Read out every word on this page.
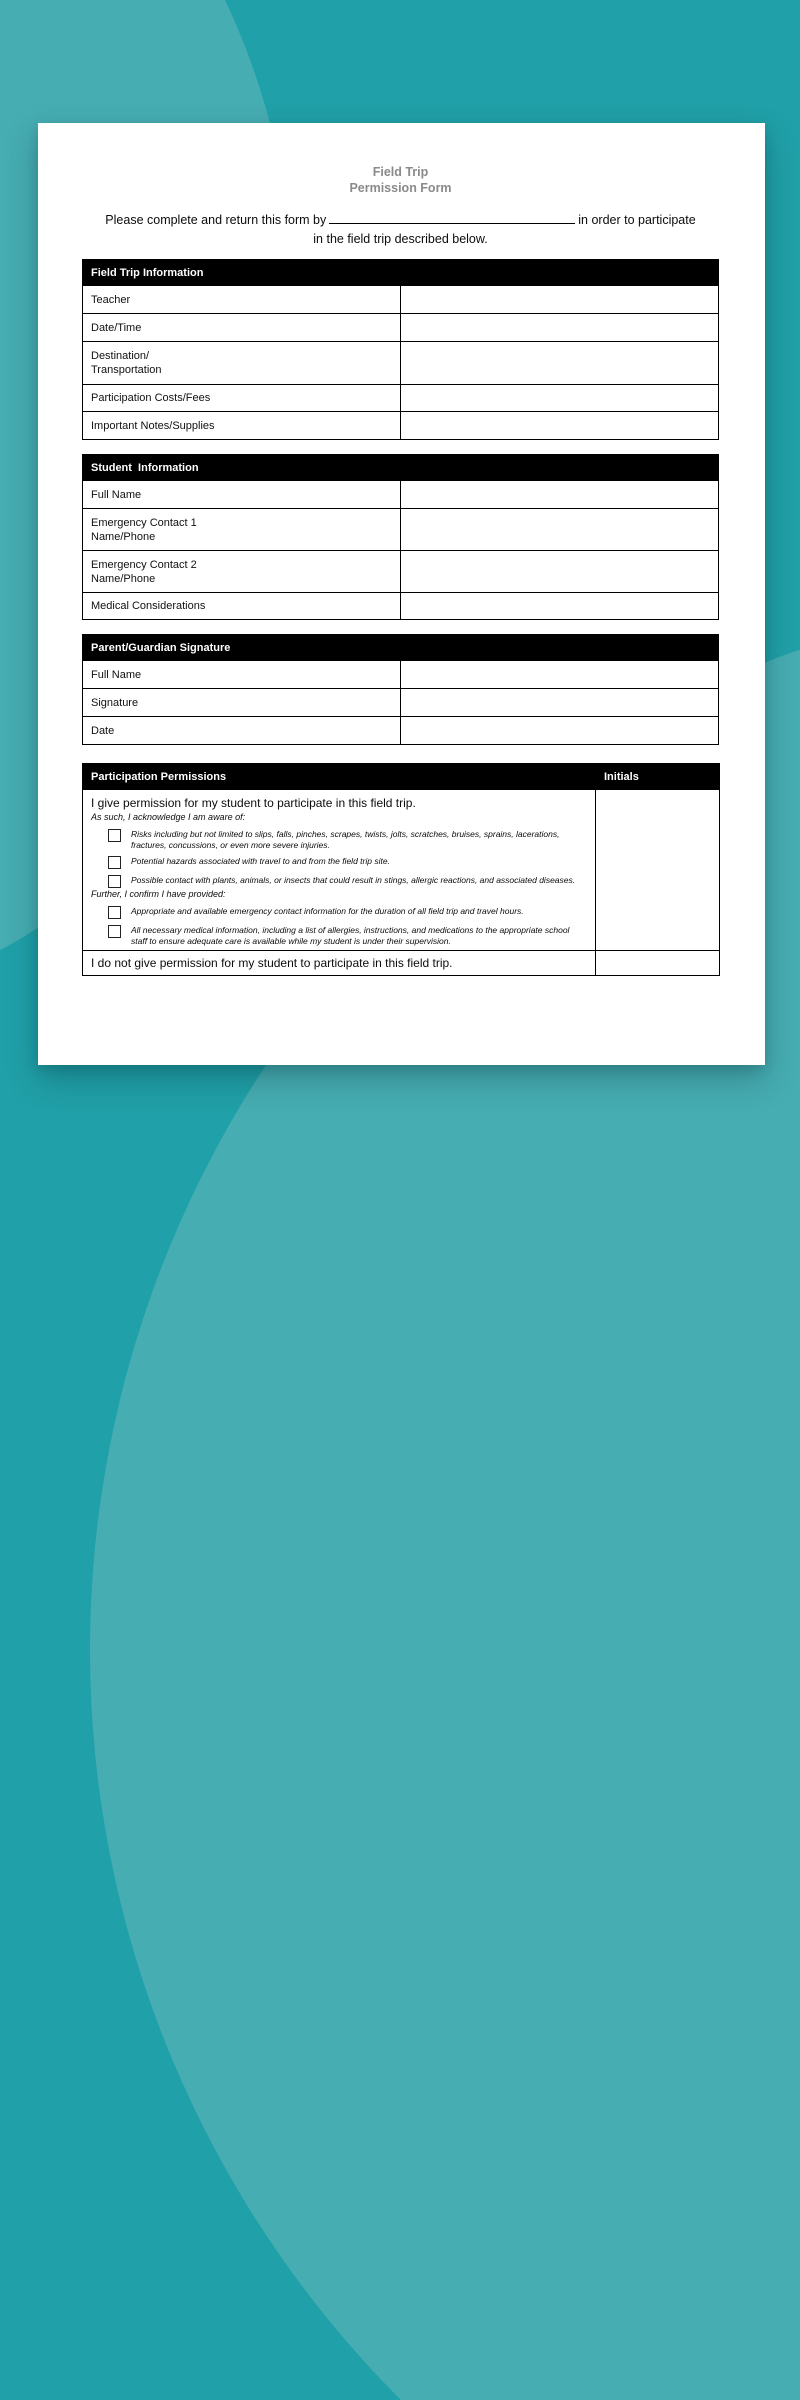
Field Trip
Permission Form
Please complete and return this form by	in order to participate
in the field trip described below.
Field Trip Information	

Teacher	

Date/Time	

Destination/
Transportation	

Participation Costs/Fees	

Important Notes/Supplies	

Student  Information	

Full Name	

Emergency Contact 1
Name/Phone	

Emergency Contact 2
Name/Phone	

Medical Considerations	

Parent/Guardian Signature	

Full Name	

Signature	

Date	

Participation Permissions	Initials

I give permission for my student to participate in this field trip.
As such, I acknowledge I am aware of:
Risks including but not limited to slips, falls, pinches, scrapes, twists, jolts, scratches, bruises, sprains, lacerations, fractures, concussions, or even more severe injuries.
Potential hazards associated with travel to and from the field trip site.
Possible contact with plants, animals, or insects that could result in stings, allergic reactions, and associated diseases.
Further, I confirm I have provided:
Appropriate and available emergency contact information for the duration of all field trip and travel hours.
All necessary medical information, including a list of allergies, instructions, and medications to the appropriate school staff to ensure adequate care is available while my student is under their supervision.

I do not give permission for my student to participate in this field trip.	
